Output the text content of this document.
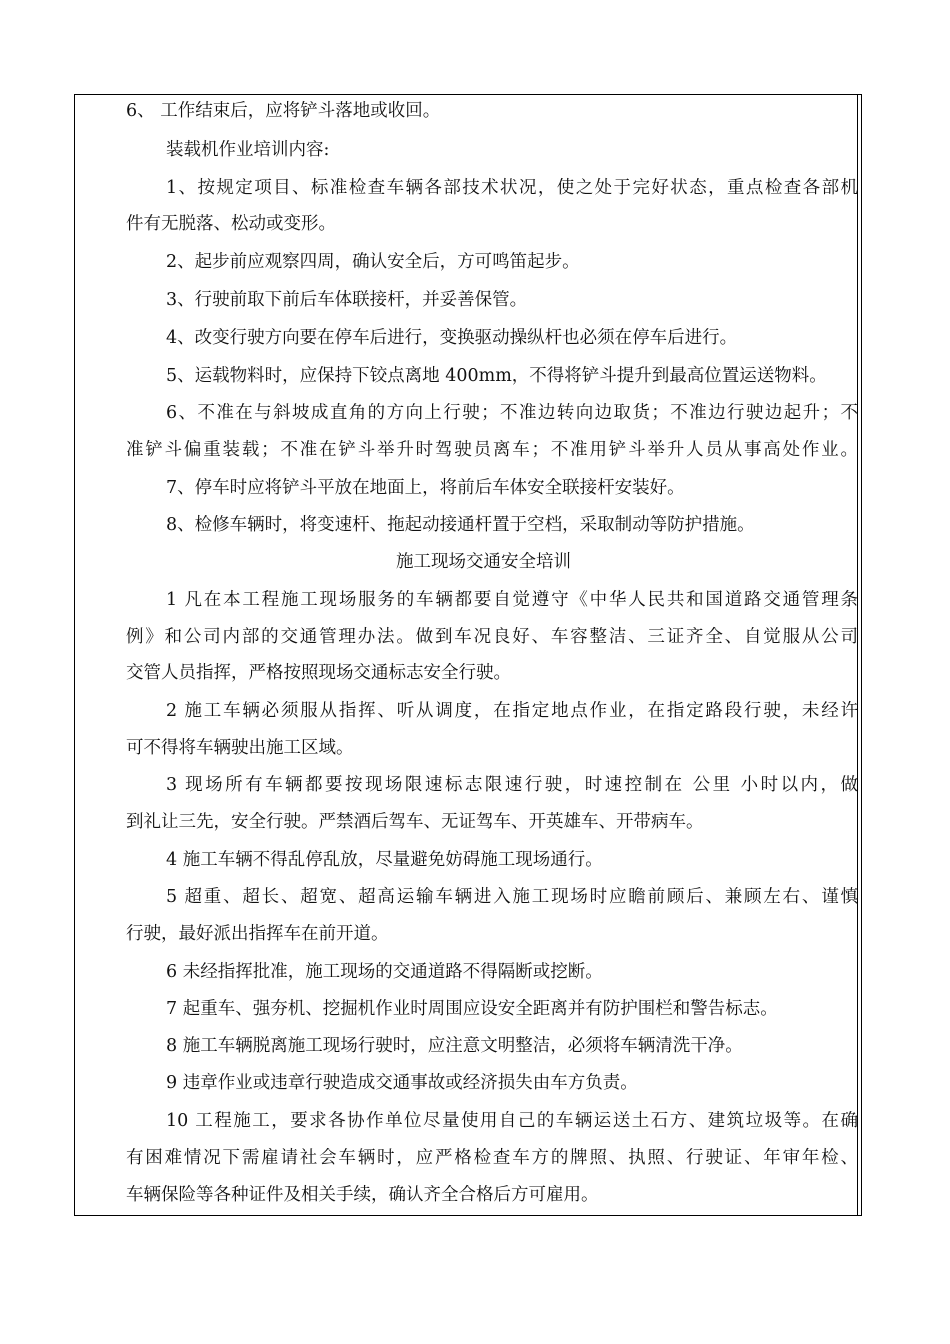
6、 工作结束后，应将铲斗落地或收回。
装载机作业培训内容:
1、按规定项目、标准检查车辆各部技术状况，使之处于完好状态，重点检查各部机
件有无脱落、松动或变形。
2、起步前应观察四周，确认安全后，方可鸣笛起步。
3、行驶前取下前后车体联接杆，并妥善保管。
4、改变行驶方向要在停车后进行，变换驱动操纵杆也必须在停车后进行。
5、运载物料时，应保持下铰点离地 400mm，不得将铲斗提升到最高位置运送物料。
6、不准在与斜坡成直角的方向上行驶；不准边转向边取货；不准边行驶边起升；不
准铲斗偏重装载；不准在铲斗举升时驾驶员离车；不准用铲斗举升人员从事高处作业。
7、停车时应将铲斗平放在地面上，将前后车体安全联接杆安装好。
8、检修车辆时，将变速杆、拖起动接通杆置于空档，采取制动等防护措施。
施工现场交通安全培训
1 凡在本工程施工现场服务的车辆都要自觉遵守《中华人民共和国道路交通管理条
例》和公司内部的交通管理办法。做到车况良好、车容整洁、三证齐全、自觉服从公司
交管人员指挥，严格按照现场交通标志安全行驶。
2 施工车辆必须服从指挥、听从调度，在指定地点作业，在指定路段行驶，未经许
可不得将车辆驶出施工区域。
3 现场所有车辆都要按现场限速标志限速行驶，时速控制在 公里 小时以内，做
到礼让三先，安全行驶。严禁酒后驾车、无证驾车、开英雄车、开带病车。
4 施工车辆不得乱停乱放，尽量避免妨碍施工现场通行。
5 超重、超长、超宽、超高运输车辆进入施工现场时应瞻前顾后、兼顾左右、谨慎
行驶，最好派出指挥车在前开道。
6 未经指挥批准，施工现场的交通道路不得隔断或挖断。
7 起重车、强夯机、挖掘机作业时周围应设安全距离并有防护围栏和警告标志。
8 施工车辆脱离施工现场行驶时，应注意文明整洁，必须将车辆清洗干净。
9 违章作业或违章行驶造成交通事故或经济损失由车方负责。
10 工程施工，要求各协作单位尽量使用自己的车辆运送土石方、建筑垃圾等。在确
有困难情况下需雇请社会车辆时，应严格检查车方的牌照、执照、行驶证、年审年检、
车辆保险等各种证件及相关手续，确认齐全合格后方可雇用。
